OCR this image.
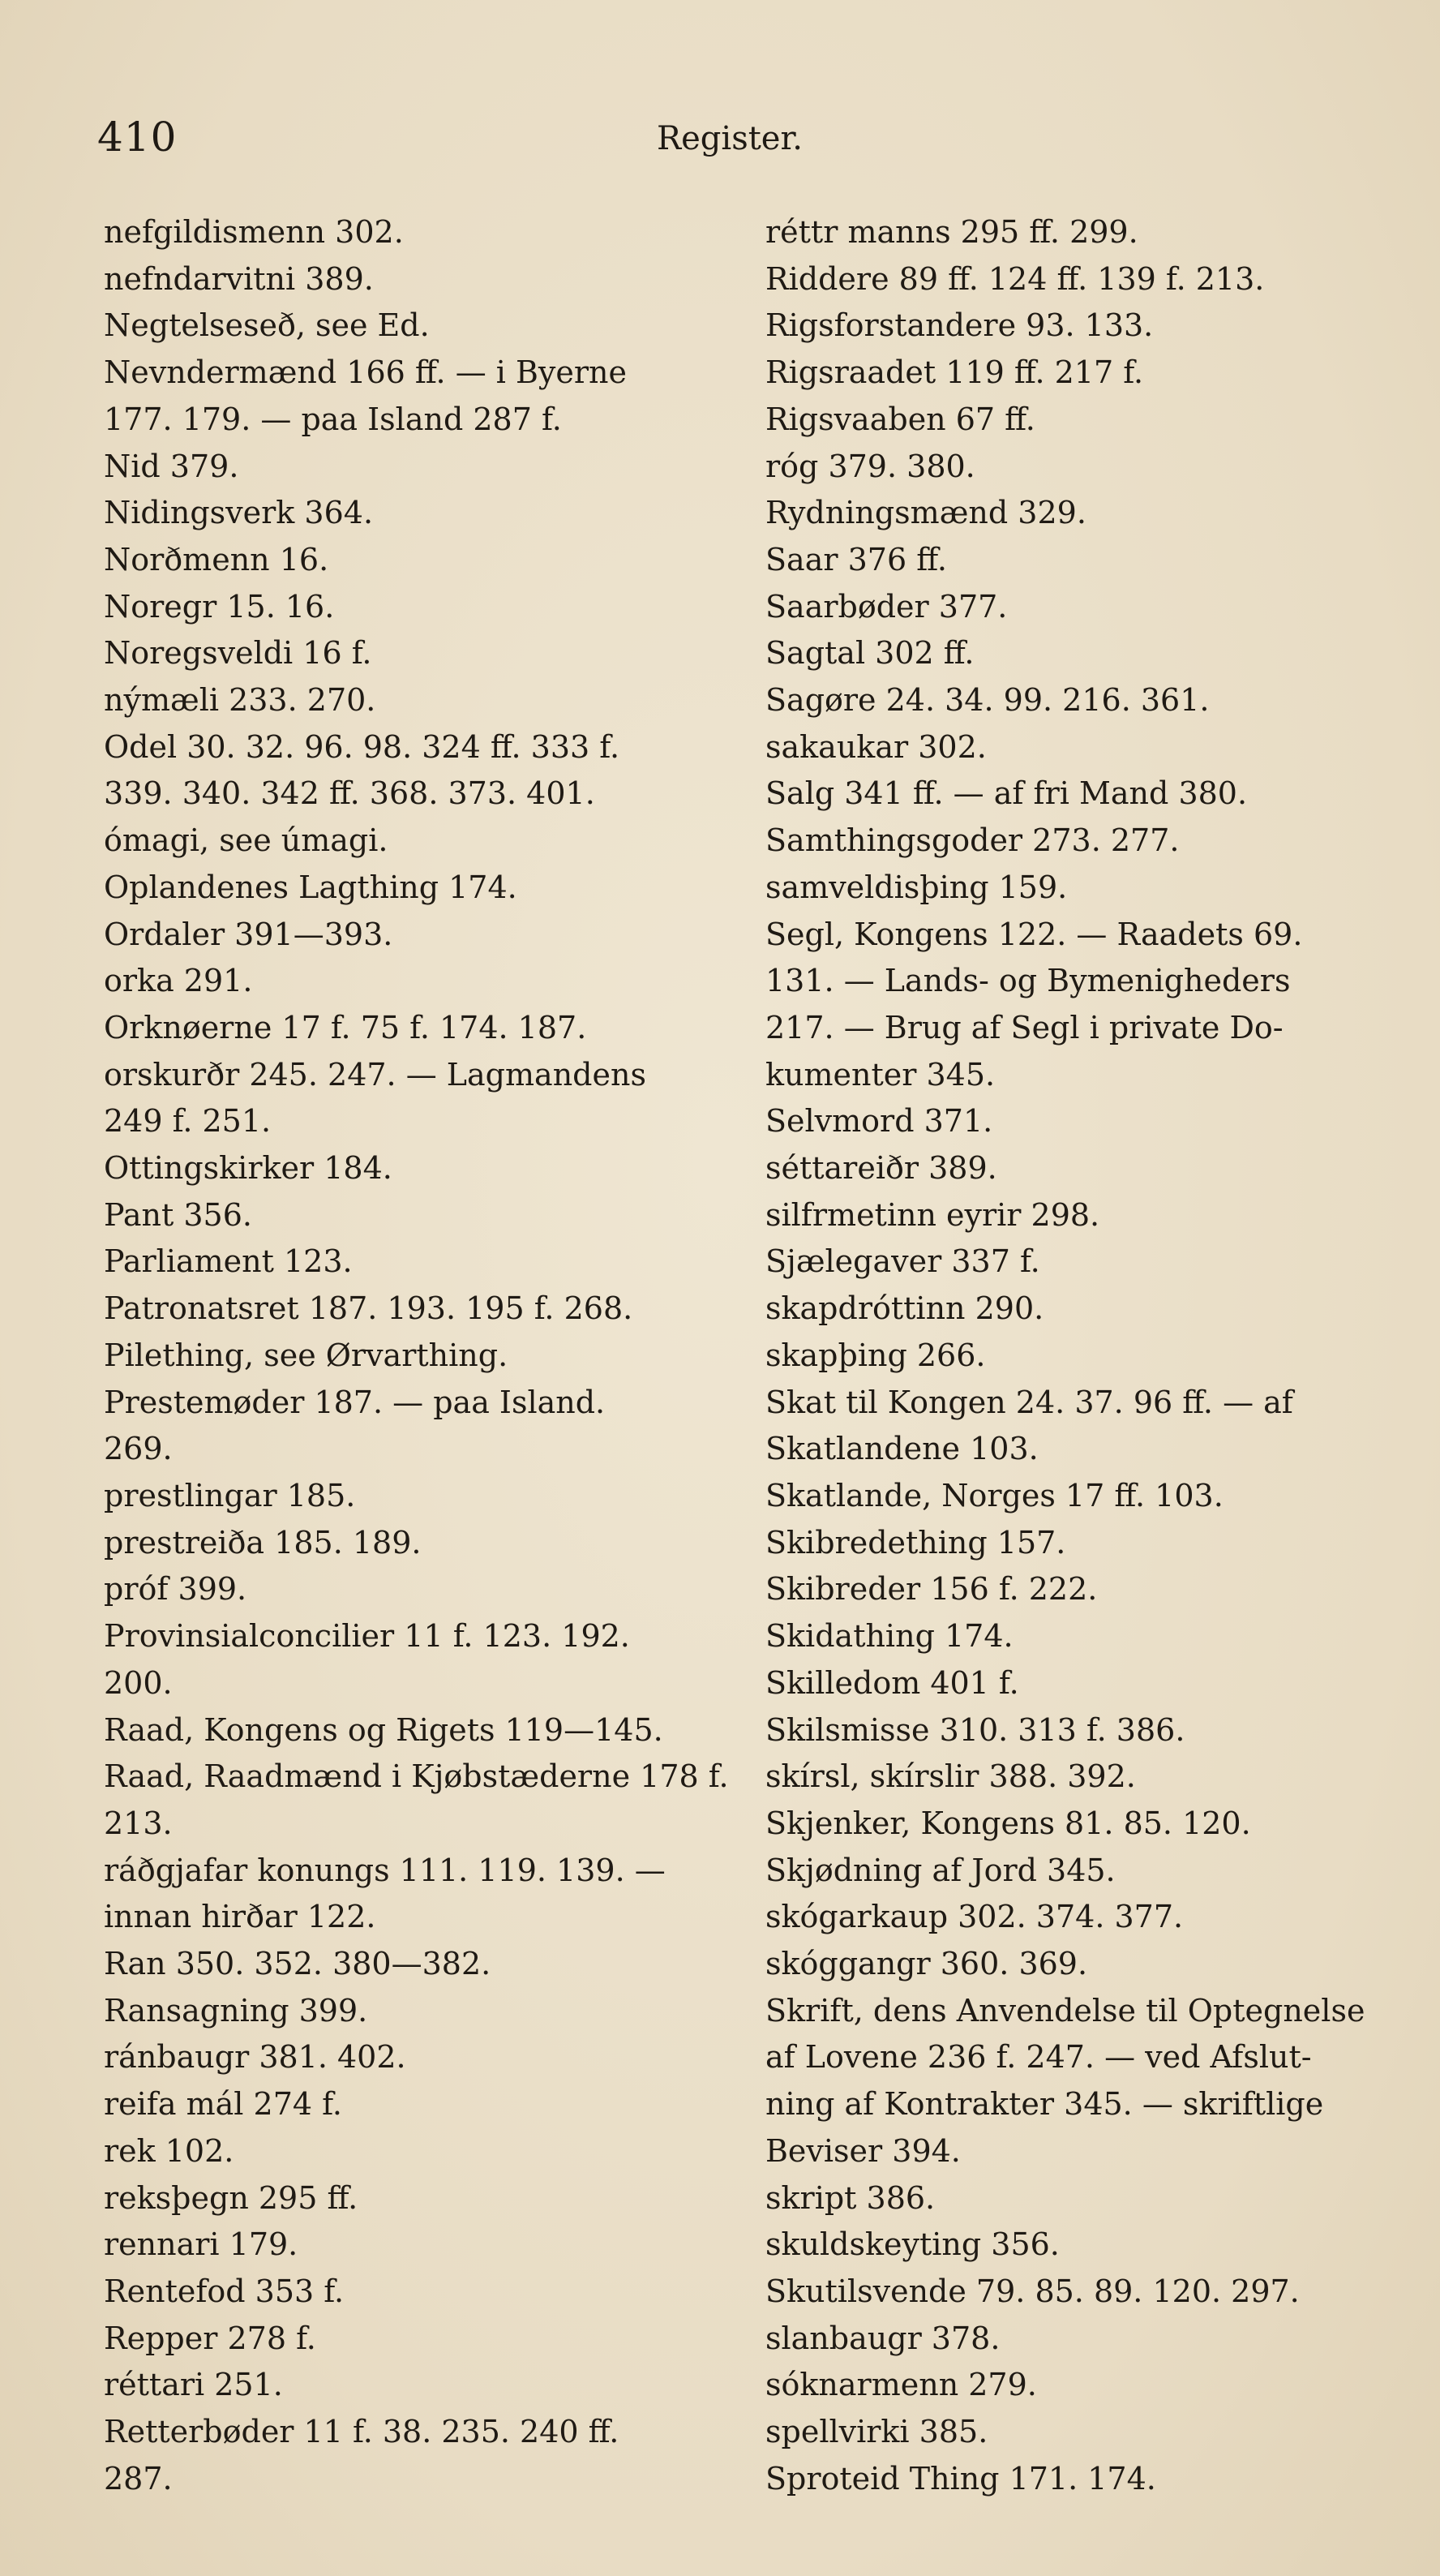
410	Register.
nefgildismenn 302.
nefndarvitni 389.
Negtelseseð, see Ed.
Nevndermænd 166 ff. — i Byerne
177. 179. — paa Island 287 f.
Nid 379.
Nidingsverk 364.
Norðmenn 16.
Noregr 15. 16.
Noregsveldi 16 f.
nýmæli 233. 270.
Odel 30. 32. 96. 98. 324 ff. 333 f.
339. 340. 342 ff. 368. 373. 401.
ómagi, see úmagi.
Oplandenes Lagthing 174.
Ordaler 391—393.
orka 291.
Orknøerne 17 f. 75 f. 174. 187.
orskurðr 245. 247. — Lagmandens
249 f. 251.
Ottingskirker 184.
Pant 356.
Parliament 123.
Patronatsret 187. 193. 195 f. 268.
Pilething, see Ørvarthing.
Prestemøder 187. — paa Island.
269.
prestlingar 185.
prestreiða 185. 189.
próf 399.
Provinsialconcilier 11 f. 123. 192.
200.
Raad, Kongens og Rigets 119—145.
Raad, Raadmænd i Kjøbstæderne 178 f.
213.
ráðgjafar konungs 111. 119. 139. —
innan hirðar 122.
Ran 350. 352. 380—382.
Ransagning 399.
ránbaugr 381. 402.
reifa mál 274 f.
rek 102.
reksþegn 295 ff.
rennari 179.
Rentefod 353 f.
Repper 278 f.
réttari 251.
Retterbøder 11 f. 38. 235. 240 ff.
287.
réttr manns 295 ff. 299.
Riddere 89 ff. 124 ff. 139 f. 213.
Rigsforstandere 93. 133.
Rigsraadet 119 ff. 217 f.
Rigsvaaben 67 ff.
róg 379. 380.
Rydningsmænd 329.
Saar 376 ff.
Saarbøder 377.
Sagtal 302 ff.
Sagøre 24. 34. 99. 216. 361.
sakaukar 302.
Salg 341 ff. — af fri Mand 380.
Samthingsgoder 273. 277.
samveldisþing 159.
Segl, Kongens 122. — Raadets 69.
131. — Lands- og Bymenigheders
217. — Brug af Segl i private Do-
kumenter 345.
Selvmord 371.
séttareiðr 389.
silfrmetinn eyrir 298.
Sjælegaver 337 f.
skapdróttinn 290.
skapþing 266.
Skat til Kongen 24. 37. 96 ff. — af
Skatlandene 103.
Skatlande, Norges 17 ff. 103.
Skibredething 157.
Skibreder 156 f. 222.
Skidathing 174.
Skilledom 401 f.
Skilsmisse 310. 313 f. 386.
skírsl, skírslir 388. 392.
Skjenker, Kongens 81. 85. 120.
Skjødning af Jord 345.
skógarkaup 302. 374. 377.
skóggangr 360. 369.
Skrift, dens Anvendelse til Optegnelse
af Lovene 236 f. 247. — ved Afslut-
ning af Kontrakter 345. — skriftlige
Beviser 394.
skript 386.
skuldskeyting 356.
Skutilsvende 79. 85. 89. 120. 297.
slanbaugr 378.
sóknarmenn 279.
spellvirki 385.
Sproteid Thing 171. 174.
